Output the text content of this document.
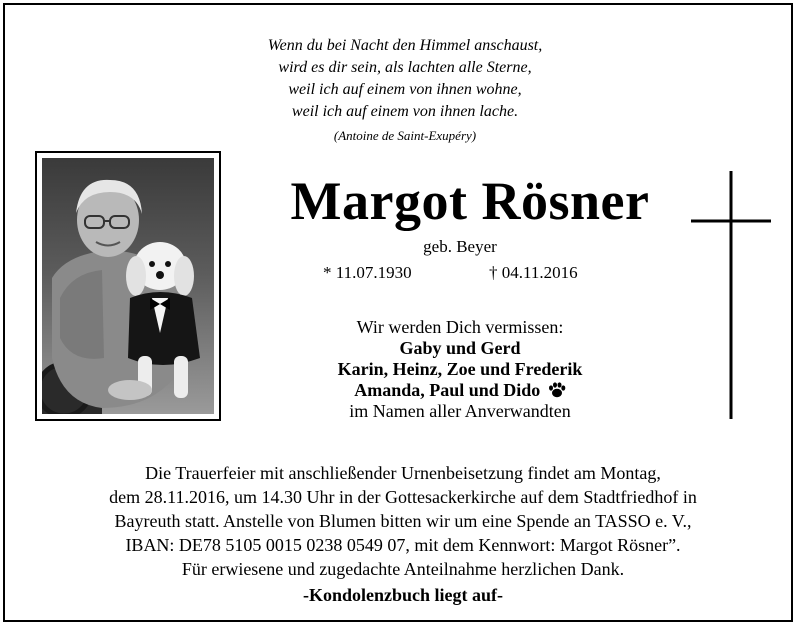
Wenn du bei Nacht den Himmel anschaust,
wird es dir sein, als lachten alle Sterne,
weil ich auf einem von ihnen wohne,
weil ich auf einem von ihnen lache.
(Antoine de Saint-Exupéry)
Margot Rösner
geb. Beyer
* 11.07.1930	† 04.11.2016
Wir werden Dich vermissen:
Gaby und Gerd
Karin, Heinz, Zoe und Frederik
Amanda, Paul und Dido
im Namen aller Anverwandten
Die Trauerfeier mit anschließender Urnenbeisetzung findet am Montag,
dem 28.11.2016, um 14.30 Uhr in der Gottesackerkirche auf dem Stadtfriedhof in
Bayreuth statt. Anstelle von Blumen bitten wir um eine Spende an TASSO e. V.,
IBAN: DE78 5105 0015 0238 0549 07, mit dem Kennwort: Margot Rösner”.
Für erwiesene und zugedachte Anteilnahme herzlichen Dank.
-Kondolenzbuch liegt auf-
